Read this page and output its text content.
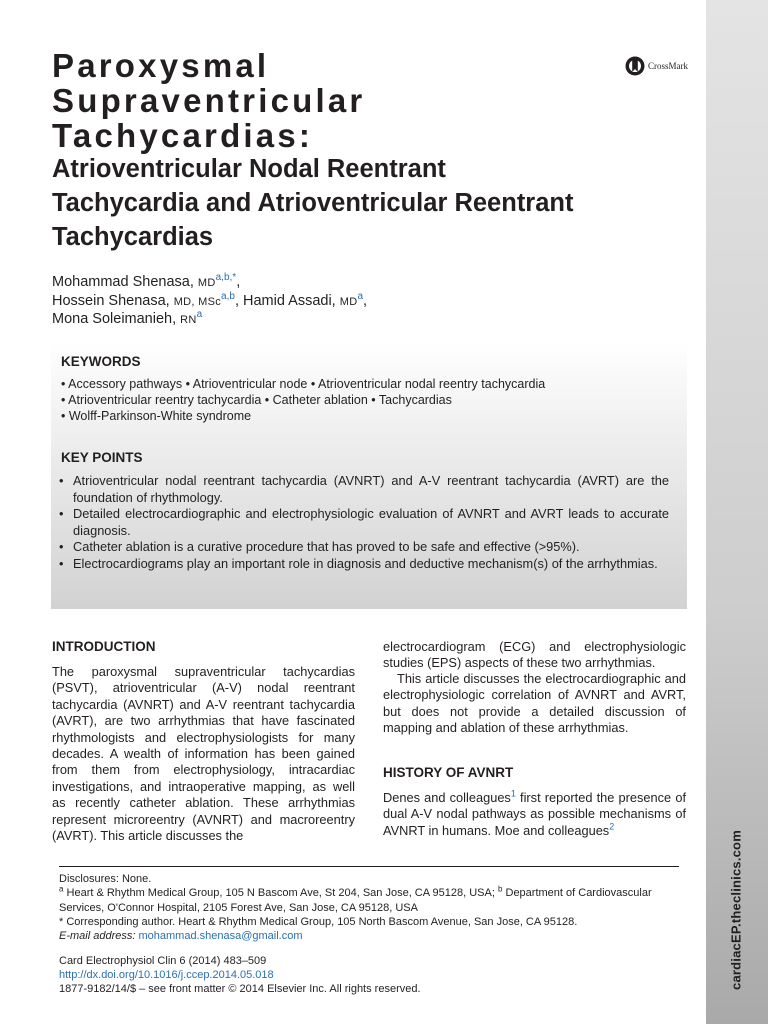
cardiacEP.theclinics.com
Paroxysmal
Supraventricular
Tachycardias:
Atrioventricular Nodal Reentrant
Tachycardia and Atrioventricular Reentrant
Tachycardias
CrossMark
Mohammad Shenasa, MD$^{a,b,*}$,
Hossein Shenasa, MD, MSc$^{a,b}$, Hamid Assadi, MD$^a$,
Mona Soleimanieh, RN$^a$
KEYWORDS
• Accessory pathways • Atrioventricular node • Atrioventricular nodal reentry tachycardia
• Atrioventricular reentry tachycardia • Catheter ablation • Tachycardias
• Wolff-Parkinson-White syndrome
KEY POINTS
• Atrioventricular nodal reentrant tachycardia (AVNRT) and A-V reentrant tachycardia (AVRT) are the foundation of rhythmology.
• Detailed electrocardiographic and electrophysiologic evaluation of AVNRT and AVRT leads to accurate diagnosis.
• Catheter ablation is a curative procedure that has proved to be safe and effective (>95%).
• Electrocardiograms play an important role in diagnosis and deductive mechanism(s) of the arrhythmias.
INTRODUCTION

The paroxysmal supraventricular tachycardias (PSVT), atrioventricular (A-V) nodal reentrant tachycardia (AVNRT) and A-V reentrant tachycardia (AVRT), are two arrhythmias that have fascinated rhythmologists and electrophysiologists for many decades. A wealth of information has been gained from them from electrophysiology, intracardiac investigations, and intraoperative mapping, as well as recently catheter ablation. These arrhythmias represent microreentry (AVNRT) and macroreentry (AVRT). This article discusses the

electrocardiogram (ECG) and electrophysiologic studies (EPS) aspects of these two arrhythmias.

This article discusses the electrocardiographic and electrophysiologic correlation of AVNRT and AVRT, but does not provide a detailed discussion of mapping and ablation of these arrhythmias.

HISTORY OF AVNRT

Denes and colleagues$^1$ first reported the presence of dual A-V nodal pathways as possible mechanisms of AVNRT in humans. Moe and colleagues$^2$

Disclosures: None.
$^a$ Heart & Rhythm Medical Group, 105 N Bascom Ave, St 204, San Jose, CA 95128, USA; $^b$ Department of Cardiovascular Services, O'Connor Hospital, 2105 Forest Ave, San Jose, CA 95128, USA
* Corresponding author. Heart & Rhythm Medical Group, 105 North Bascom Avenue, San Jose, CA 95128.
E-mail address: mohammad.shenasa@gmail.com
Card Electrophysiol Clin 6 (2014) 483–509
http://dx.doi.org/10.1016/j.ccep.2014.05.018
1877-9182/14/$ – see front matter © 2014 Elsevier Inc. All rights reserved.
